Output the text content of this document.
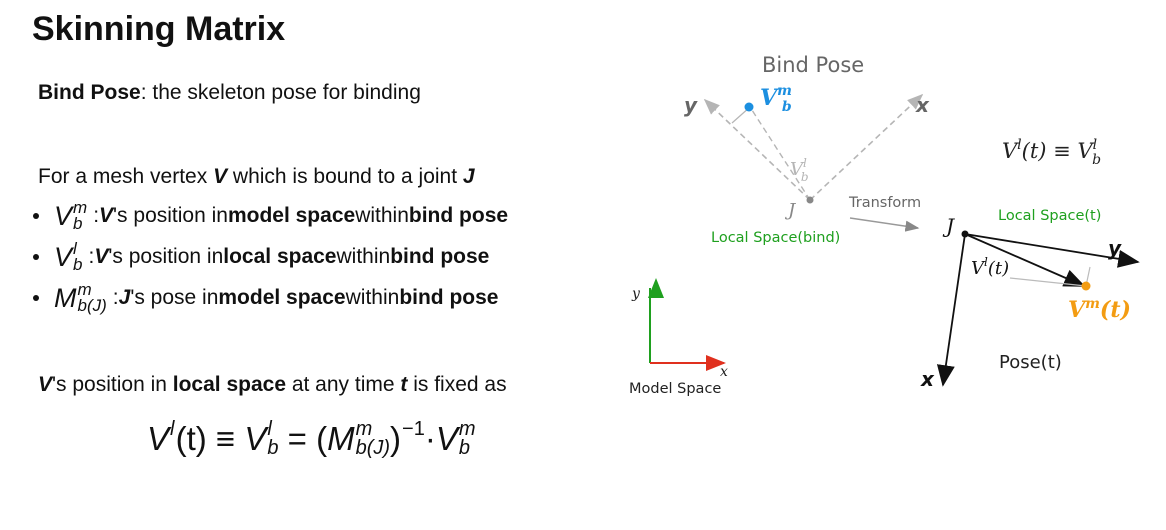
Skinning Matrix
Bind Pose: the skeleton pose for binding
For a mesh vertex V which is bound to a joint J
V m
b : V 's position in model space within bind pose
V l
b : V 's position in local space within bind pose
M m
b(J) : J 's pose in model space within bind pose
V's position in local space at any time t is fixed as
V l
(t) ≡ V l
b = ( M m
b(J) ) −1
· V m
b
Bind Pose
y	x
$V^m$ b
$V^l$ b
J
Local Space(bind)
Transform
$V^l(t) \equiv V^l$ b
Local Space(t)
y
x
J
$V^l(t)$
$V^m(t)$
Pose(t)
y
x
Model Space
